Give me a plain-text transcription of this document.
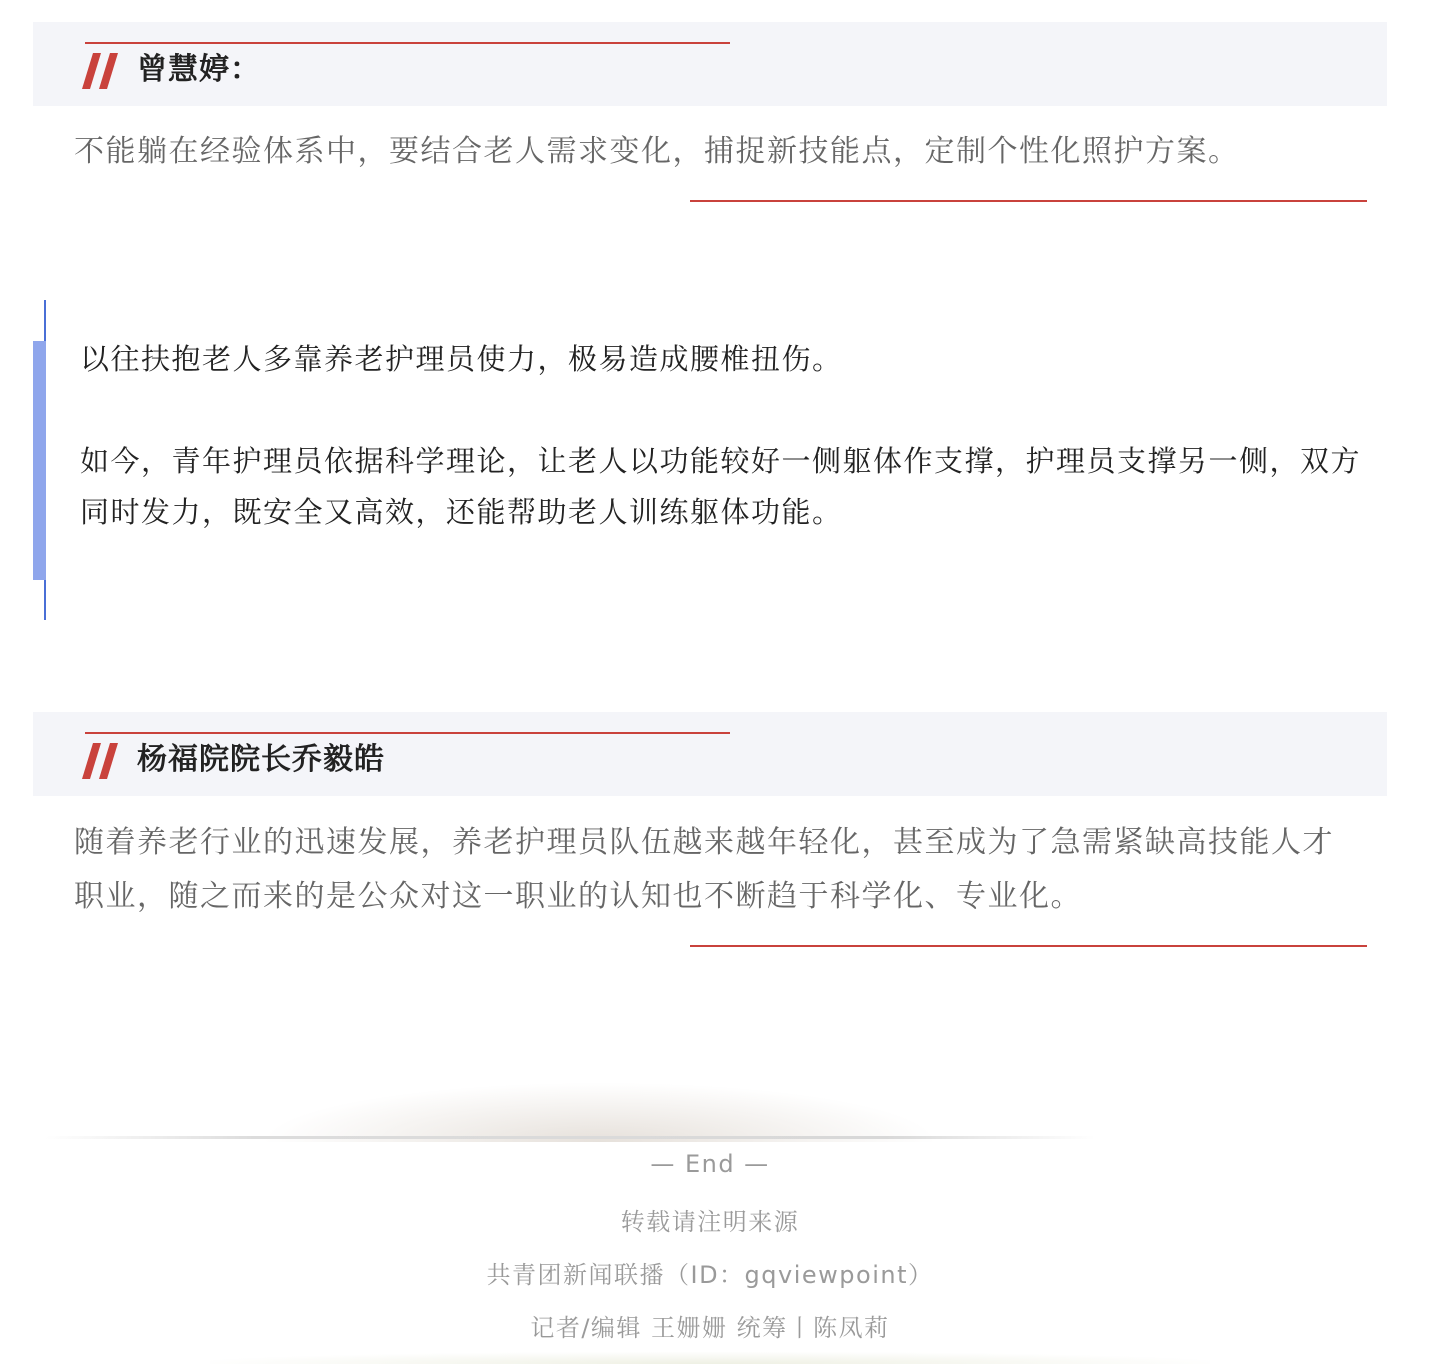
曾慧婷：

不能躺在经验体系中，要结合老人需求变化，捕捉新技能点，定制个性化照护方案。

以往扶抱老人多靠养老护理员使力，极易造成腰椎扭伤。

如今，青年护理员依据科学理论，让老人以功能较好一侧躯体作支撑，护理员支撑另一侧，双方同时发力，既安全又高效，还能帮助老人训练躯体功能。

杨福院院长乔毅皓

随着养老行业的迅速发展，养老护理员队伍越来越年轻化，甚至成为了急需紧缺高技能人才职业，随之而来的是公众对这一职业的认知也不断趋于科学化、专业化。

— End —

转载请注明来源

共青团新闻联播（ID：gqviewpoint）

记者/编辑 王姗姗 统筹丨陈凤莉
